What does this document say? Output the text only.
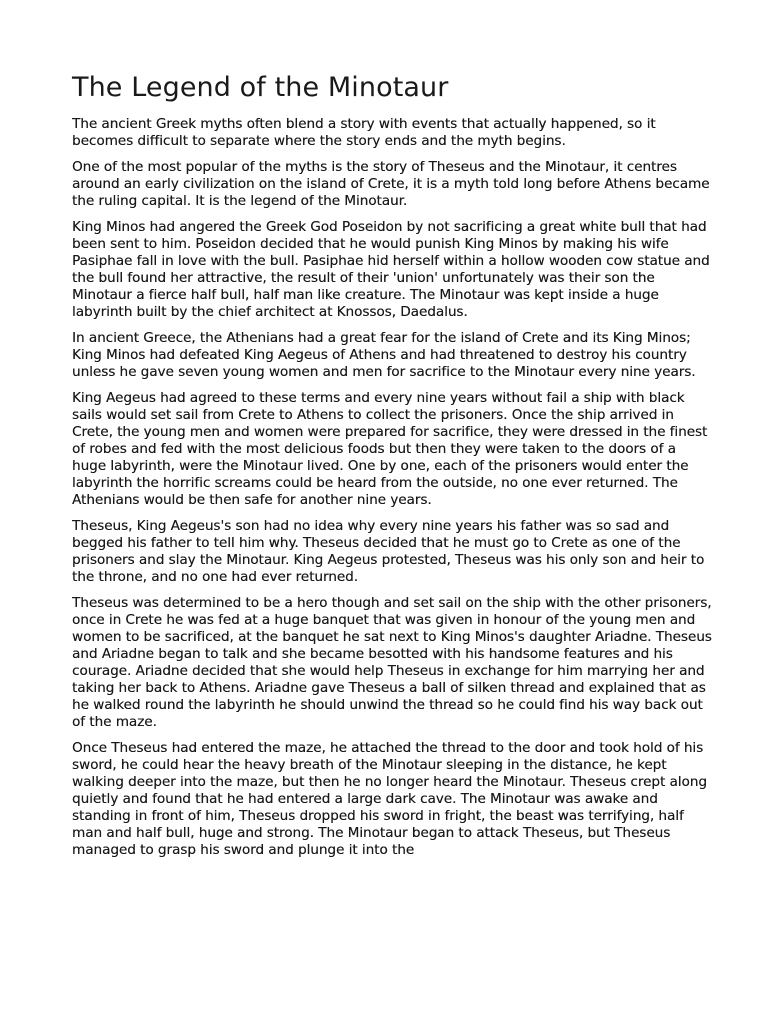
The Legend of the Minotaur

The ancient Greek myths often blend a story with events that actually happened, so it becomes difficult to separate where the story ends and the myth begins.

One of the most popular of the myths is the story of Theseus and the Minotaur, it centres around an early civilization on the island of Crete, it is a myth told long before Athens became the ruling capital. It is the legend of the Minotaur.

King Minos had angered the Greek God Poseidon by not sacrificing a great white bull that had been sent to him. Poseidon decided that he would punish King Minos by making his wife Pasiphae fall in love with the bull. Pasiphae hid herself within a hollow wooden cow statue and the bull found her attractive, the result of their 'union' unfortunately was their son the Minotaur a fierce half bull, half man like creature. The Minotaur was kept inside a huge labyrinth built by the chief architect at Knossos, Daedalus.

In ancient Greece, the Athenians had a great fear for the island of Crete and its King Minos; King Minos had defeated King Aegeus of Athens and had threatened to destroy his country unless he gave seven young women and men for sacrifice to the Minotaur every nine years.

King Aegeus had agreed to these terms and every nine years without fail a ship with black sails would set sail from Crete to Athens to collect the prisoners. Once the ship arrived in Crete, the young men and women were prepared for sacrifice, they were dressed in the finest of robes and fed with the most delicious foods but then they were taken to the doors of a huge labyrinth, were the Minotaur lived. One by one, each of the prisoners would enter the labyrinth the horrific screams could be heard from the outside, no one ever returned. The Athenians would be then safe for another nine years.

Theseus, King Aegeus's son had no idea why every nine years his father was so sad and begged his father to tell him why. Theseus decided that he must go to Crete as one of the prisoners and slay the Minotaur. King Aegeus protested, Theseus was his only son and heir to the throne, and no one had ever returned.

Theseus was determined to be a hero though and set sail on the ship with the other prisoners, once in Crete he was fed at a huge banquet that was given in honour of the young men and women to be sacrificed, at the banquet he sat next to King Minos's daughter Ariadne. Theseus and Ariadne began to talk and she became besotted with his handsome features and his courage. Ariadne decided that she would help Theseus in exchange for him marrying her and taking her back to Athens. Ariadne gave Theseus a ball of silken thread and explained that as he walked round the labyrinth he should unwind the thread so he could find his way back out of the maze.

Once Theseus had entered the maze, he attached the thread to the door and took hold of his sword, he could hear the heavy breath of the Minotaur sleeping in the distance, he kept walking deeper into the maze, but then he no longer heard the Minotaur. Theseus crept along quietly and found that he had entered a large dark cave. The Minotaur was awake and standing in front of him, Theseus dropped his sword in fright, the beast was terrifying, half man and half bull, huge and strong. The Minotaur began to attack Theseus, but Theseus managed to grasp his sword and plunge it into the
